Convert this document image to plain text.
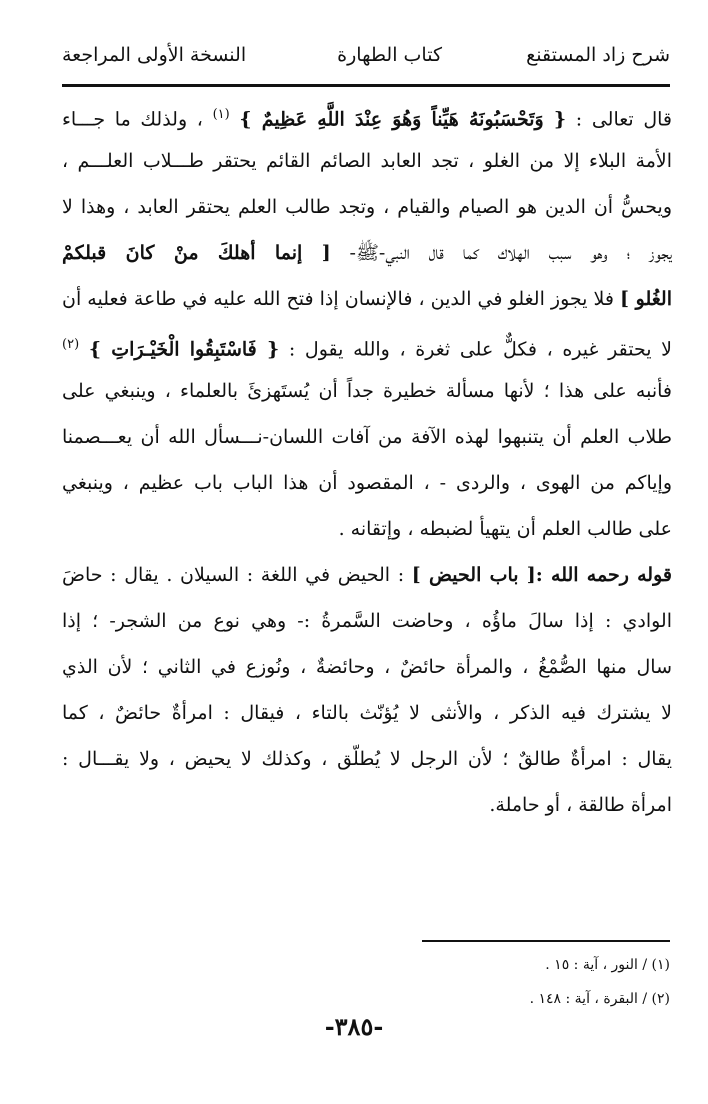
شرح زاد المستقنع
كتاب الطهارة
النسخة الأولى المراجعة
قال تعالى : { وَتَحْسَبُونَهُ هَيِّناً وَهُوَ عِنْدَ اللَّهِ عَظِيمٌ } $^{(١)}$ ، ولذلك ما جـــاء
الأمة البلاء إلا من الغلو ، تجد العابد الصائم القائم يحتقر طـــلاب العلـــم ،
ويحسُّ أن الدين هو الصيام والقيام ، وتجد طالب العلم يحتقر العابد ، وهذا لا
يجوز ؛ وهو سبب الهلاك كما قال النبي-ﷺ- [ إنما أهلكَ منْ كانَ قبلكمْ
الغُلو ] فلا يجوز الغلو في الدين ، فالإنسان إذا فتح الله عليه في طاعة فعليه أن
لا يحتقر غيره ، فكلٌّ على ثغرة ، والله يقول : { فَاسْتَبِقُوا الْخَيْـرَاتِ } $^{(٢)}$
فأنبه على هذا ؛ لأنها مسألة خطيرة جداً أن يُستَهزئَ بالعلماء ، وينبغي على
طلاب العلم أن يتنبهوا لهذه الآفة من آفات اللسان-نـــسأل الله أن يعـــصمنا
وإياكم من الهوى ، والردى - ، المقصود أن هذا الباب باب عظيم ، وينبغي
على طالب العلم أن يتهيأ لضبطه ، وإتقانه .
قوله رحمه الله :[ باب الحيض ] : الحيض في اللغة : السيلان . يقال : حاضَ
الوادي : إذا سالَ ماؤُه ، وحاضت السَّمرةُ :- وهي نوع من الشجر- ؛ إذا
سال منها الصُّمْغُ ، والمرأة حائضٌ ، وحائضةٌ ، ونُوزع في الثاني ؛ لأن الذي
لا يشترك فيه الذكر ، والأنثى لا يُؤنّث بالتاء ، فيقال : امرأةٌ حائضٌ ، كما
يقال : امرأةٌ طالقٌ ؛ لأن الرجل لا يُطلّق ، وكذلك لا يحيض ، ولا يقـــال :
امرأة طالقة ، أو حاملة.
(١) / النور ، آية : ١٥ .
(٢) / البقرة ، آية : ١٤٨ .
-٣٨٥-
